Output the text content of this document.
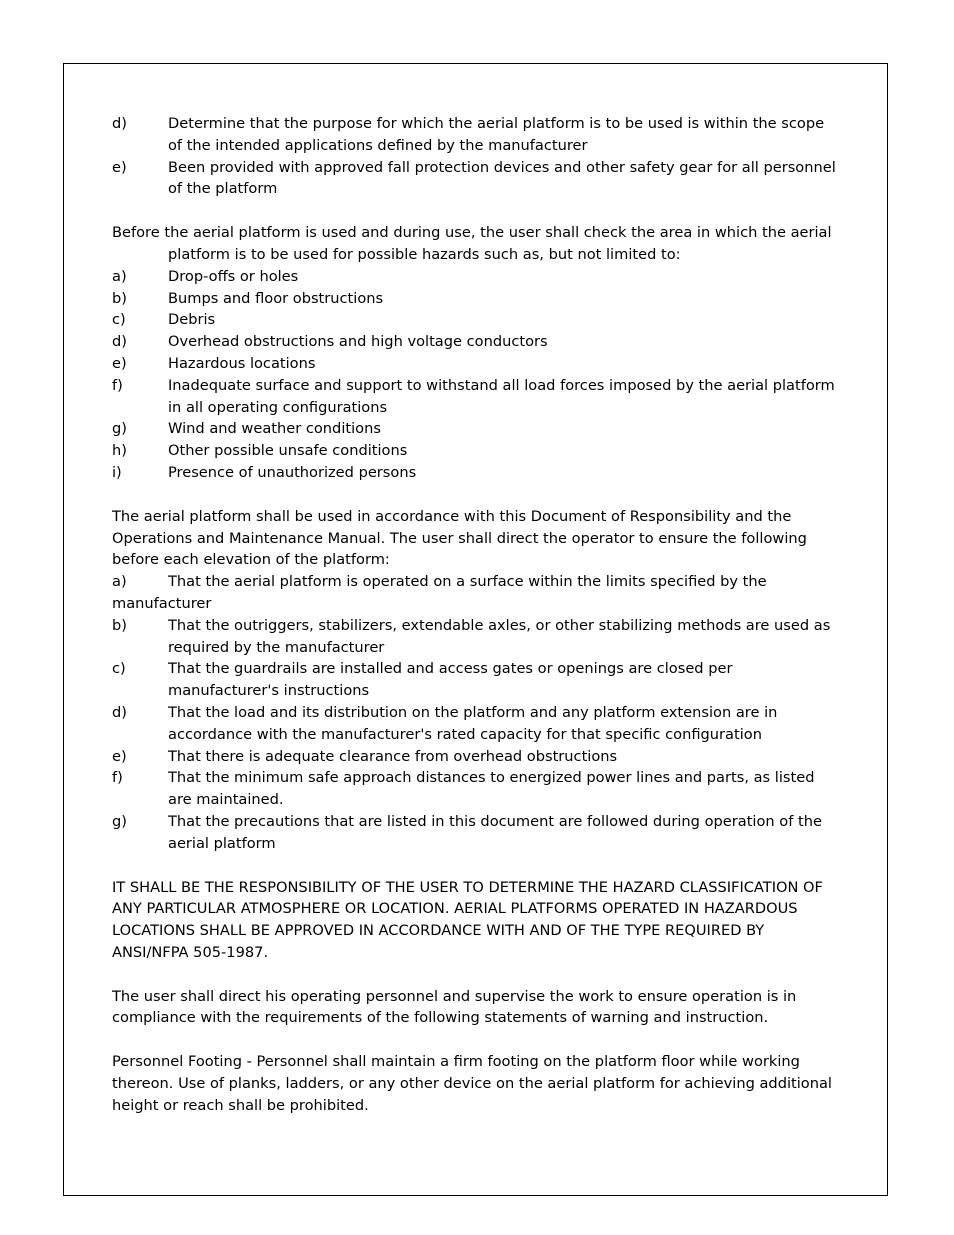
d)	Determine that the purpose for which the aerial platform is to be used is within the scope of the intended applications defined by the manufacturer
e)	Been provided with approved fall protection devices and other safety gear for all personnel of the platform

Before the aerial platform is used and during use, the user shall check the area in which the aerial platform is to be used for possible hazards such as, but not limited to:

a)	Drop-offs or holes
b)	Bumps and floor obstructions
c)	Debris
d)	Overhead obstructions and high voltage conductors
e)	Hazardous locations
f)	Inadequate surface and support to withstand all load forces imposed by the aerial platform in all operating configurations
g)	Wind and weather conditions
h)	Other possible unsafe conditions
i)	Presence of unauthorized persons

The aerial platform shall be used in accordance with this Document of Responsibility and the Operations and Maintenance Manual. The user shall direct the operator to ensure the following before each elevation of the platform:

a)	That the aerial platform is operated on a surface within the limits specified by the manufacturer

b)	That the outriggers, stabilizers, extendable axles, or other stabilizing methods are used as required by the manufacturer
c)	That the guardrails are installed and access gates or openings are closed per manufacturer's instructions
d)	That the load and its distribution on the platform and any platform extension are in accordance with the manufacturer's rated capacity for that specific configuration
e)	That there is adequate clearance from overhead obstructions
f)	That the minimum safe approach distances to energized power lines and parts, as listed are maintained.
g)	That the precautions that are listed in this document are followed during operation of the aerial platform

IT SHALL BE THE RESPONSIBILITY OF THE USER TO DETERMINE THE HAZARD CLASSIFICATION OF ANY PARTICULAR ATMOSPHERE OR LOCATION. AERIAL PLATFORMS OPERATED IN HAZARDOUS LOCATIONS SHALL BE APPROVED IN ACCORDANCE WITH AND OF THE TYPE REQUIRED BY ANSI/NFPA 505-1987.

The user shall direct his operating personnel and supervise the work to ensure operation is in compliance with the requirements of the following statements of warning and instruction.

Personnel Footing - Personnel shall maintain a firm footing on the platform floor while working thereon. Use of planks, ladders, or any other device on the aerial platform for achieving additional height or reach shall be prohibited.
